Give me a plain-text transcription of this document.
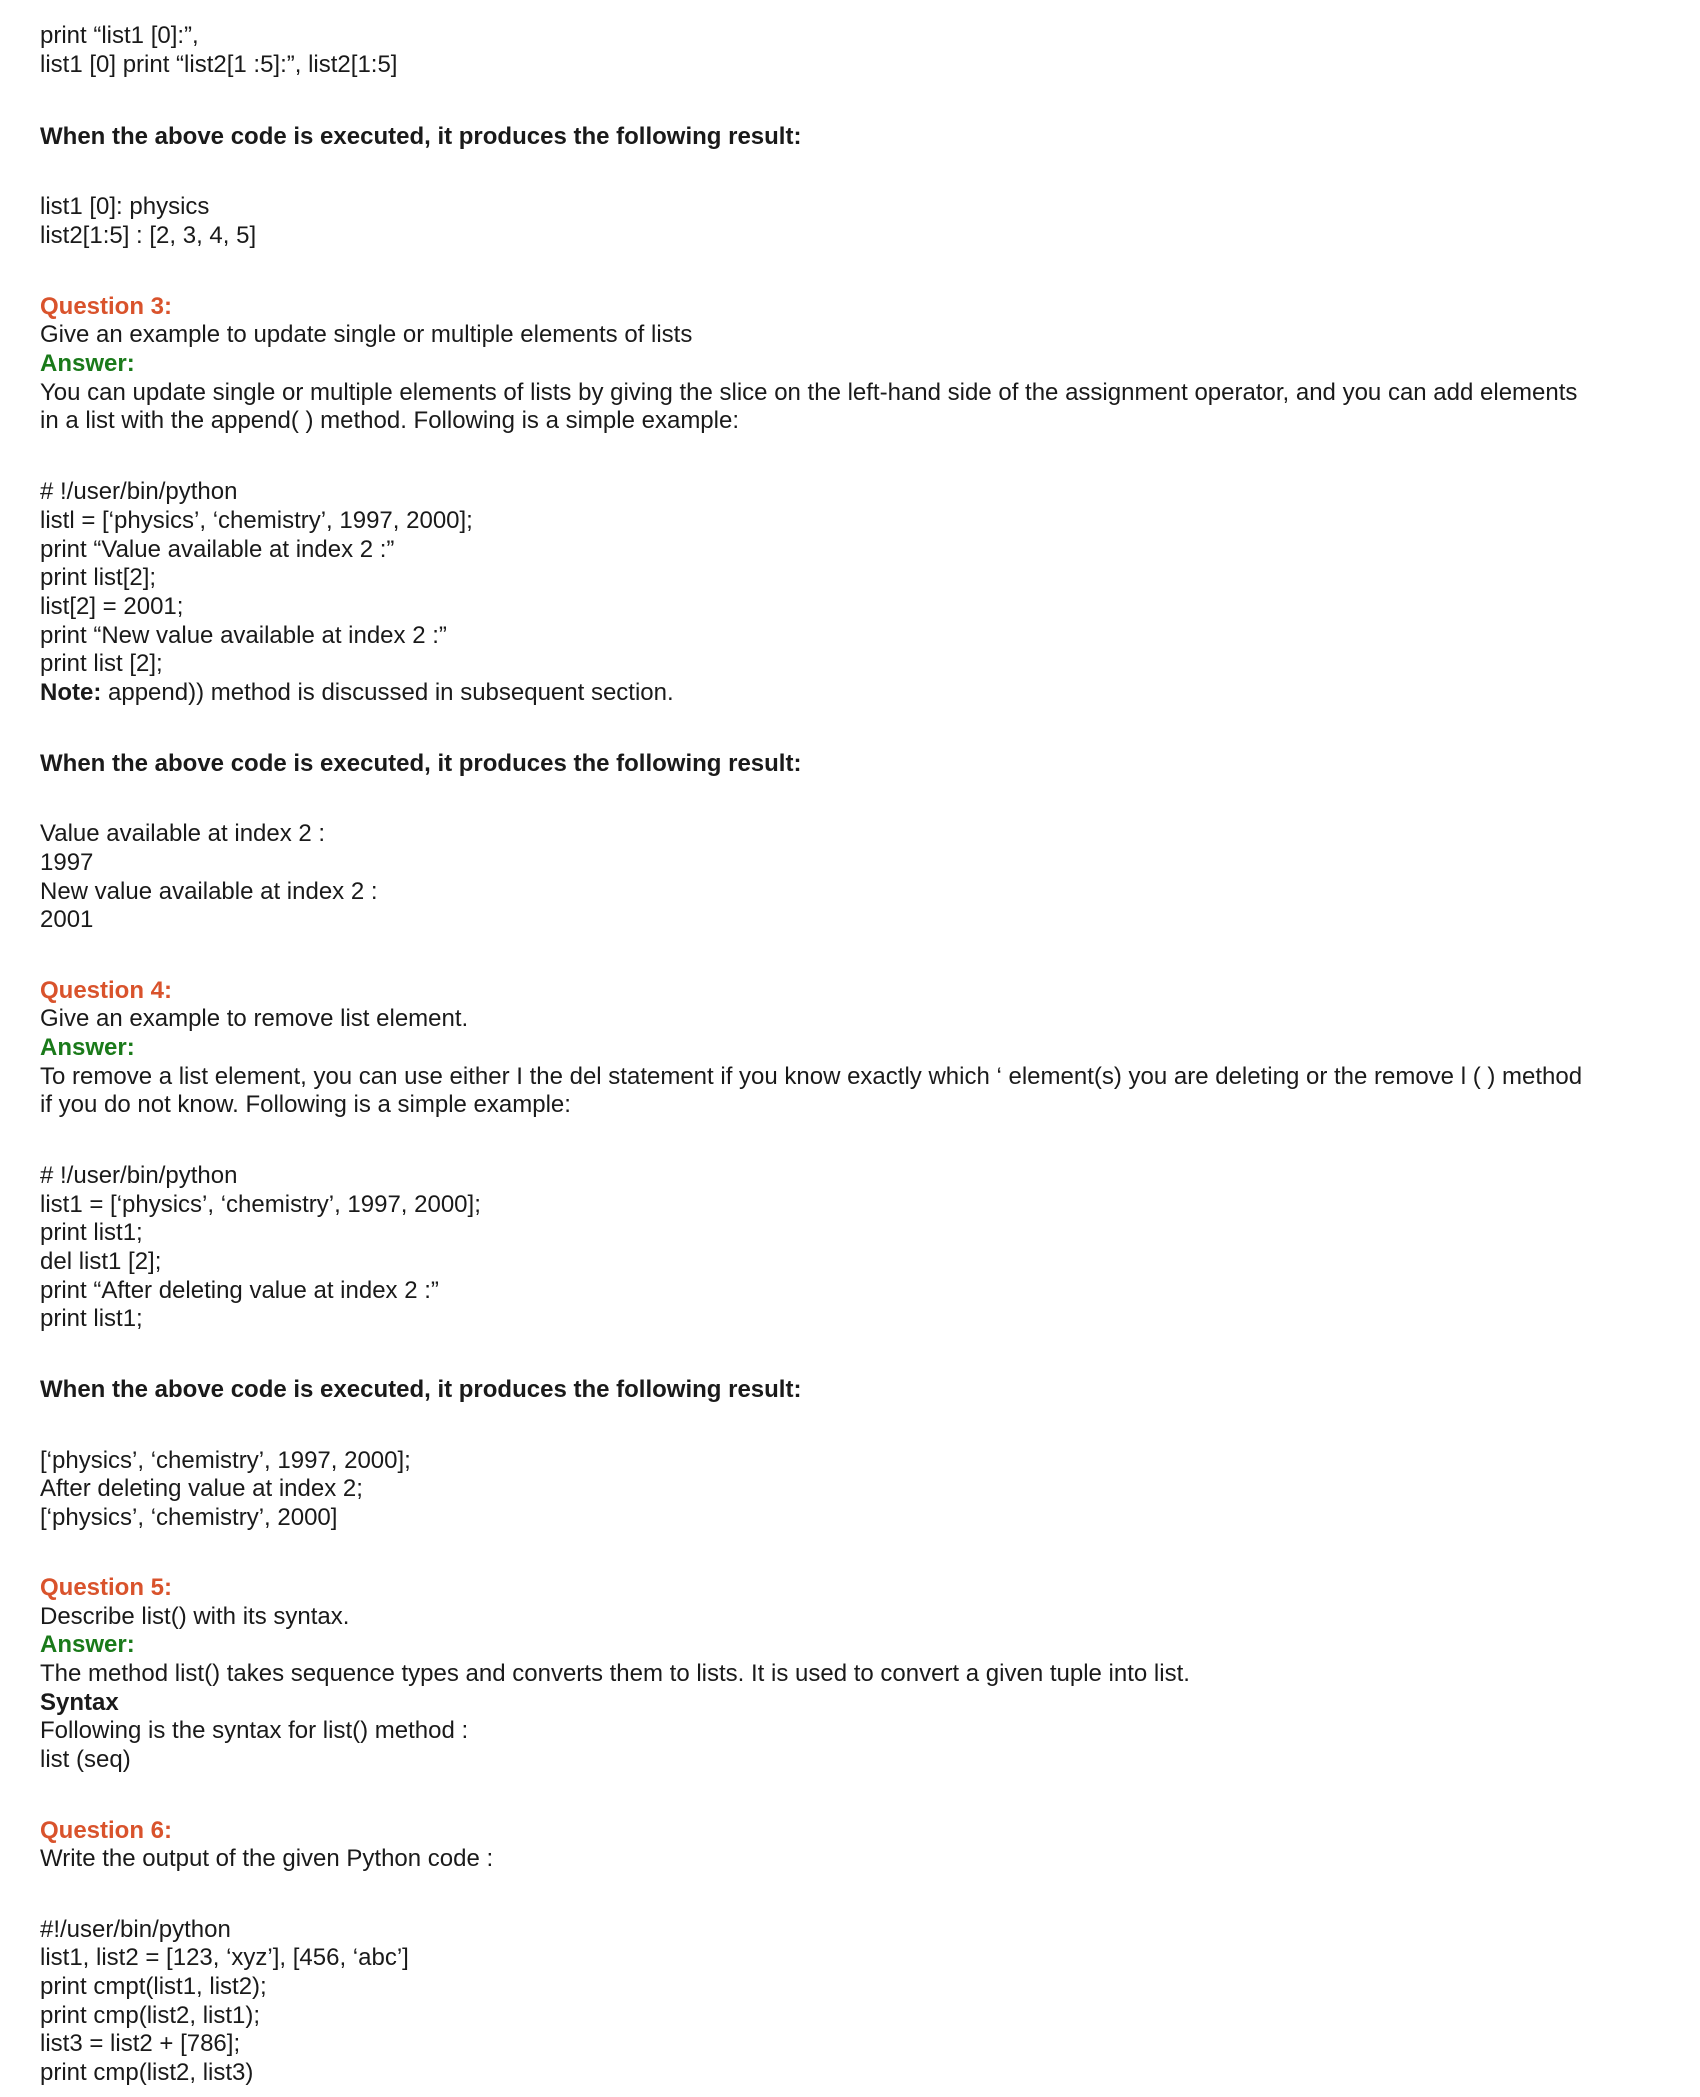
print “list1 [0]:”,
list1 [0] print “list2[1 :5]:”, list2[1:5]
When the above code is executed, it produces the following result:
list1 [0]: physics
list2[1:5] : [2, 3, 4, 5]
Question 3:
Give an example to update single or multiple elements of lists
Answer:
You can update single or multiple elements of lists by giving the slice on the left-hand side of the assignment operator, and you can add elements
in a list with the append( ) method. Following is a simple example:
# !/user/bin/python
listl = [‘physics’, ‘chemistry’, 1997, 2000];
print “Value available at index 2 :”
print list[2];
list[2] = 2001;
print “New value available at index 2 :”
print list [2];
Note: append)) method is discussed in subsequent section.
When the above code is executed, it produces the following result:
Value available at index 2 :
1997
New value available at index 2 :
2001
Question 4:
Give an example to remove list element.
Answer:
To remove a list element, you can use either I the del statement if you know exactly which ‘ element(s) you are deleting or the remove l ( ) method
if you do not know. Following is a simple example:
# !/user/bin/python
list1 = [‘physics’, ‘chemistry’, 1997, 2000];
print list1;
del list1 [2];
print “After deleting value at index 2 :”
print list1;
When the above code is executed, it produces the following result:
[‘physics’, ‘chemistry’, 1997, 2000];
After deleting value at index 2;
[‘physics’, ‘chemistry’, 2000]
Question 5:
Describe list() with its syntax.
Answer:
The method list() takes sequence types and converts them to lists. It is used to convert a given tuple into list.
Syntax
Following is the syntax for list() method :
list (seq)
Question 6:
Write the output of the given Python code :
#!/user/bin/python
list1, list2 = [123, ‘xyz’], [456, ‘abc’]
print cmpt(list1, list2);
print cmp(list2, list1);
list3 = list2 + [786];
print cmp(list2, list3)
